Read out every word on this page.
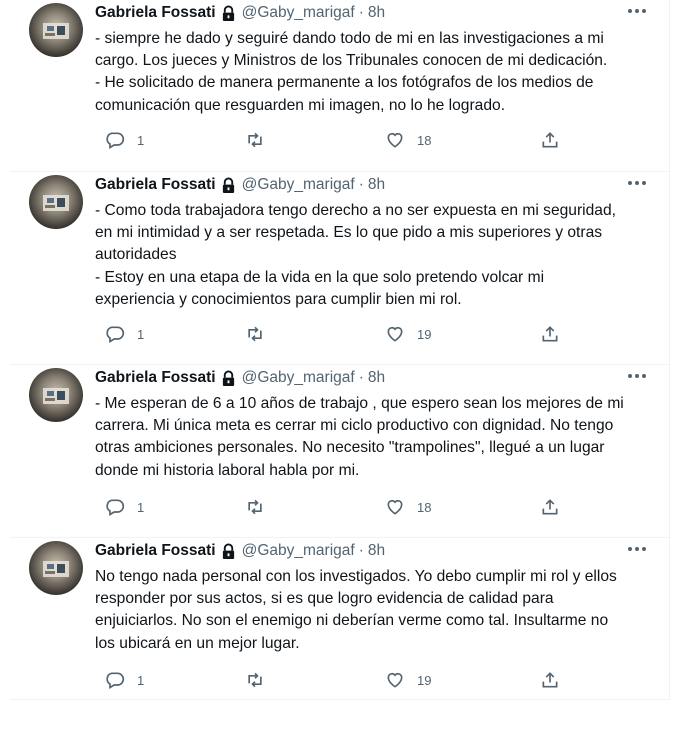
Gabriela Fossati @Gaby_marigaf · 8h
- siempre he dado y seguiré dando todo de mi en las investigaciones a mi
cargo. Los jueces y Ministros de los Tribunales conocen de mi dedicación.
- He solicitado de manera permanente a los fotógrafos de los medios de
comunicación que resguarden mi imagen, no lo he logrado.
1	18
Gabriela Fossati @Gaby_marigaf · 8h
- Como toda trabajadora tengo derecho a no ser expuesta en mi seguridad,
en mi intimidad y a ser respetada. Es lo que pido a mis superiores y otras
autoridades
- Estoy en una etapa de la vida en la que solo pretendo volcar mi
experiencia y conocimientos para cumplir bien mi rol.
1	19
Gabriela Fossati @Gaby_marigaf · 8h
- Me esperan de 6 a 10 años de trabajo , que espero sean los mejores de mi
carrera. Mi única meta es cerrar mi ciclo productivo con dignidad. No tengo
otras ambiciones personales. No necesito "trampolines", llegué a un lugar
donde mi historia laboral habla por mi.
1	18
Gabriela Fossati @Gaby_marigaf · 8h
No tengo nada personal con los investigados. Yo debo cumplir mi rol y ellos
responder por sus actos, si es que logro evidencia de calidad para
enjuiciarlos. No son el enemigo ni deberían verme como tal. Insultarme no
los ubicará en un mejor lugar.
1	19
